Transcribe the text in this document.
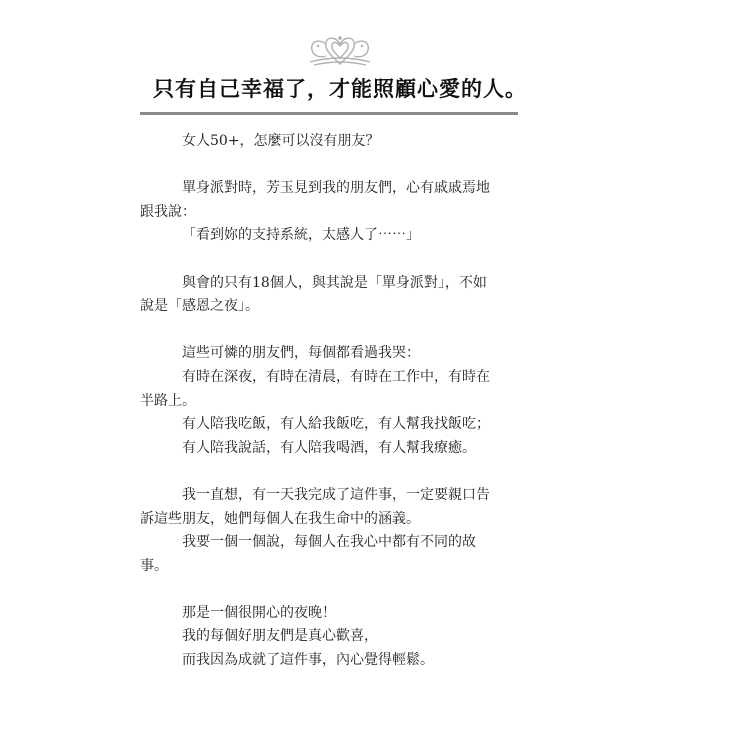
只有自己幸福了，才能照顧心愛的人。

女人50+，怎麼可以沒有朋友？

單身派對時，芳玉見到我的朋友們，心有戚戚焉地

跟我說：

「看到妳的支持系統，太感人了⋯⋯」

與會的只有18個人，與其說是「單身派對」，不如

說是「感恩之夜」。

這些可憐的朋友們，每個都看過我哭：

有時在深夜，有時在清晨，有時在工作中，有時在

半路上。

有人陪我吃飯，有人給我飯吃，有人幫我找飯吃；

有人陪我說話，有人陪我喝酒，有人幫我療癒。

我一直想，有一天我完成了這件事，一定要親口告

訴這些朋友，她們每個人在我生命中的涵義。

我要一個一個說，每個人在我心中都有不同的故

事。

那是一個很開心的夜晚！

我的每個好朋友們是真心歡喜，

而我因為成就了這件事，內心覺得輕鬆。
